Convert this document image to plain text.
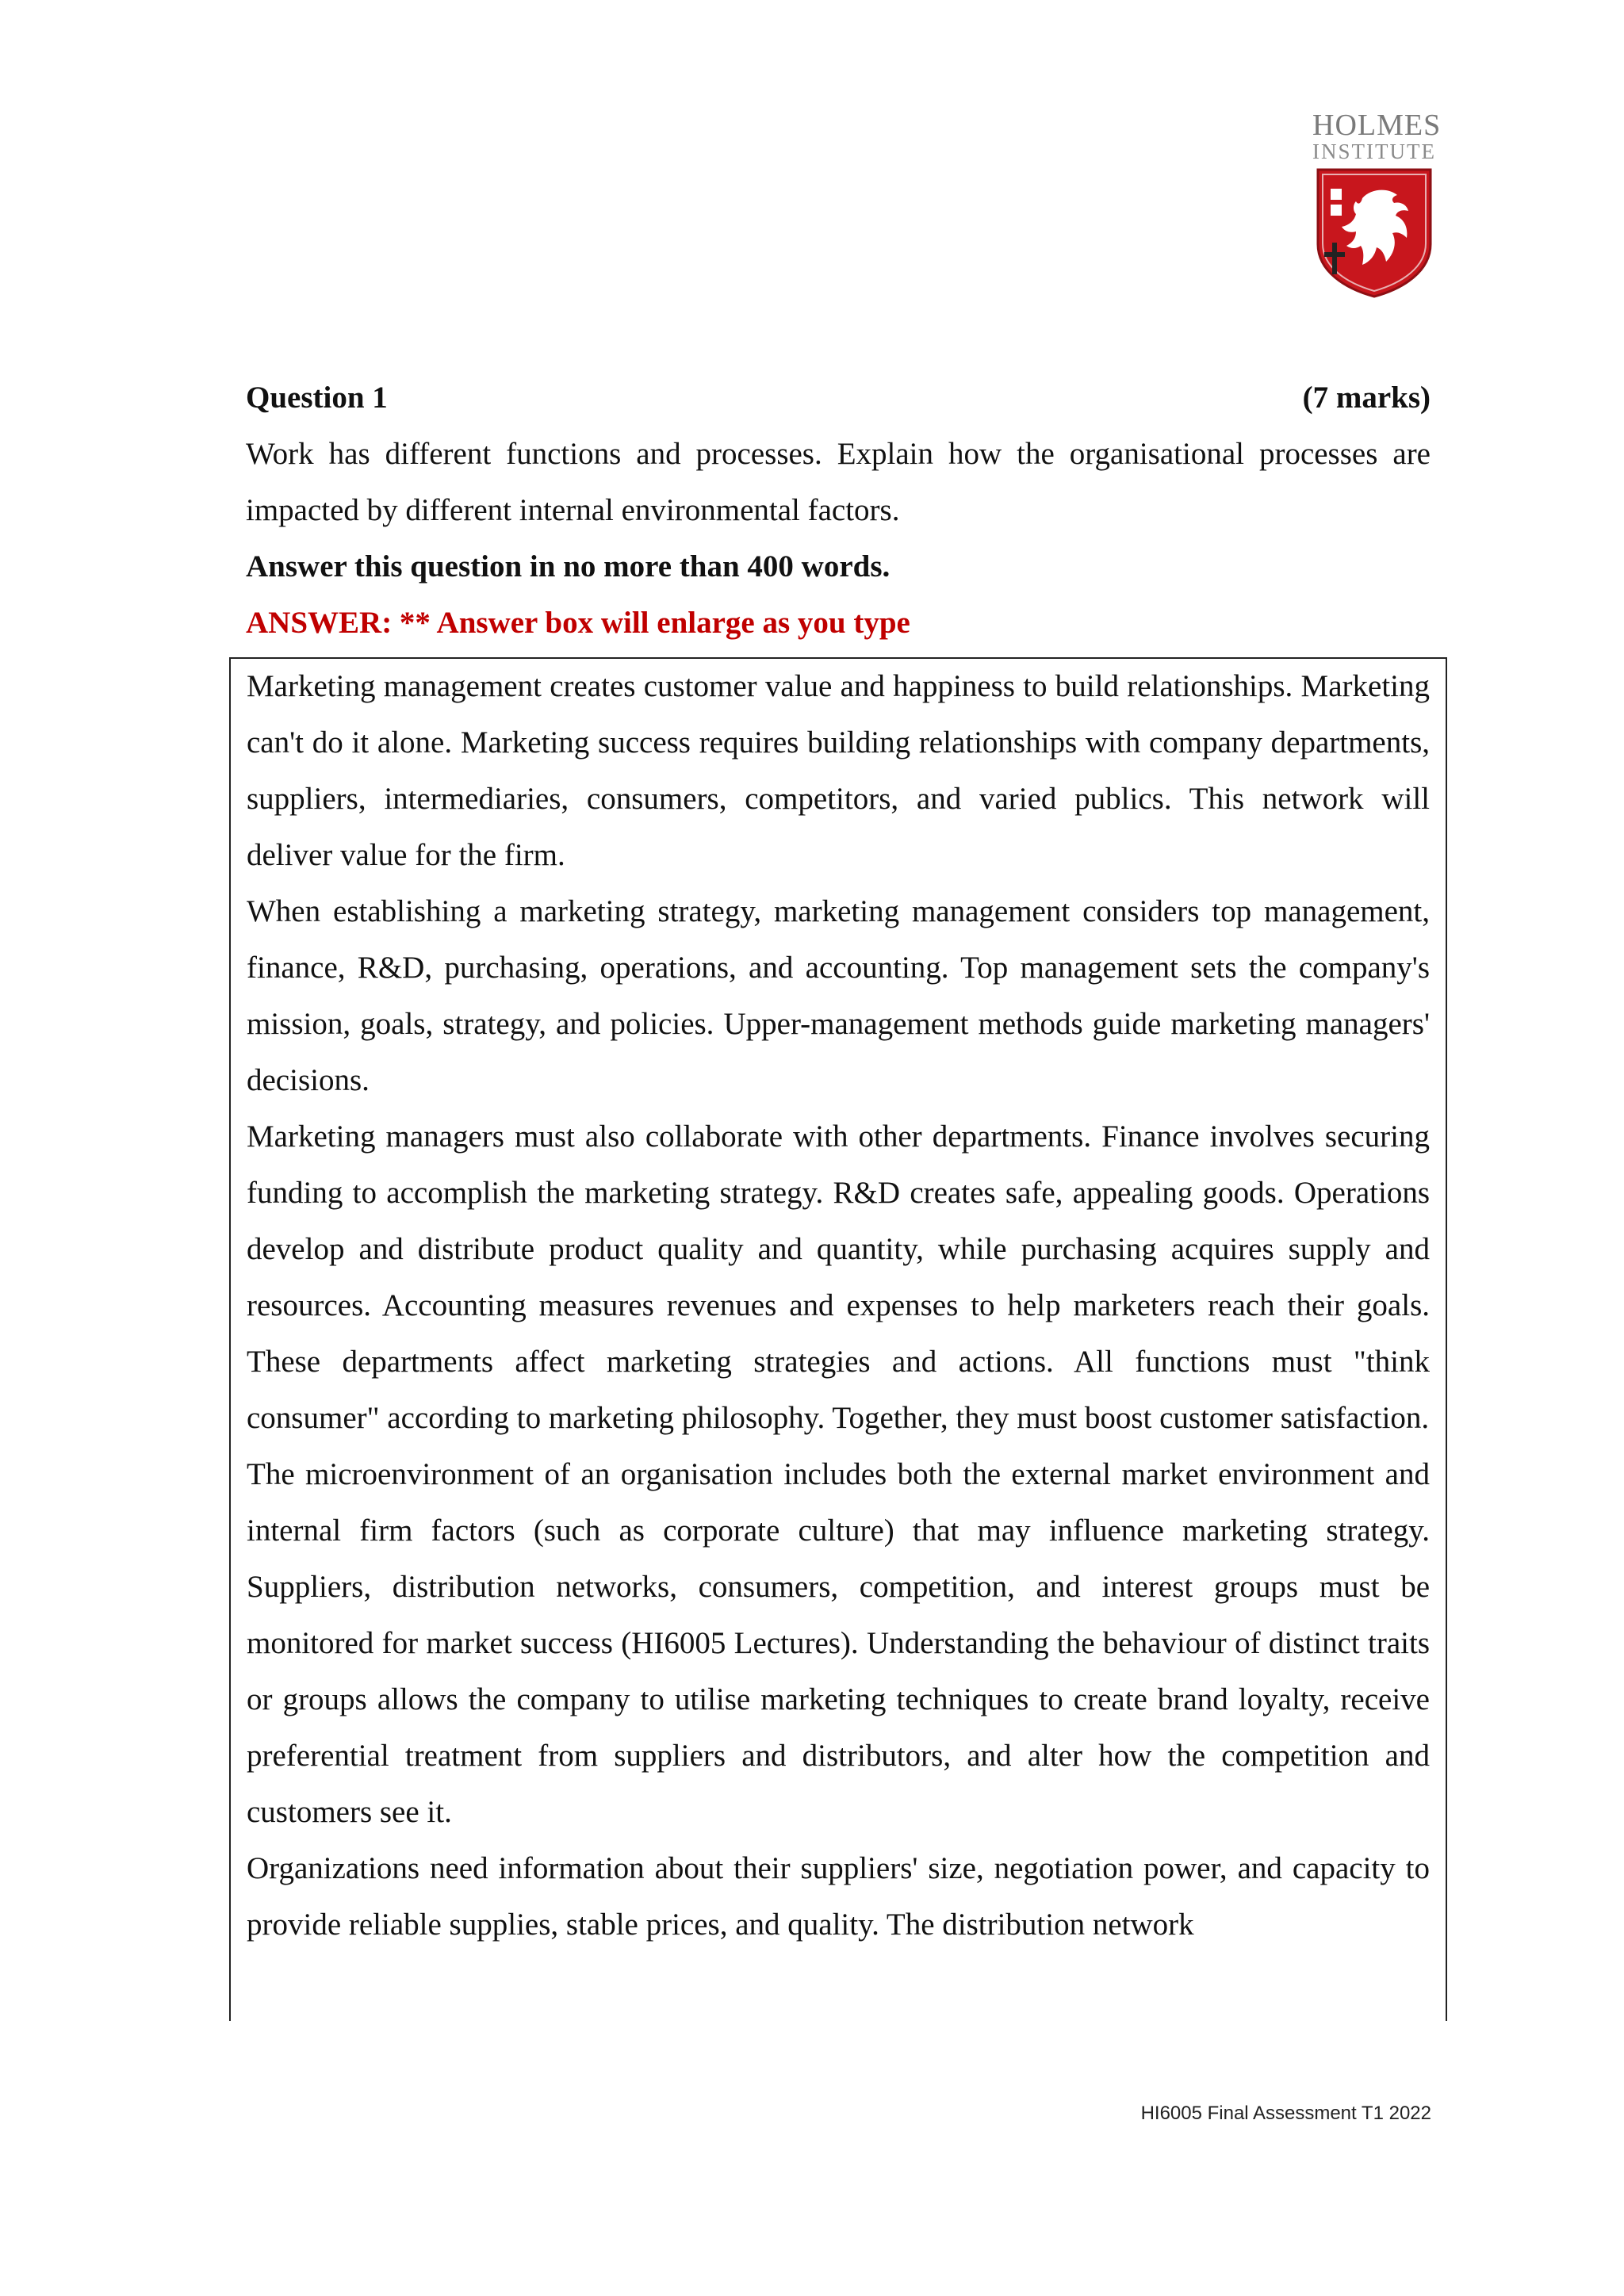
HOLMES
INSTITUTE
Question 1	(7 marks)
Work has different functions and processes. Explain how the organisational processes are impacted by different internal environmental factors.
Answer this question in no more than 400 words.
ANSWER: ** Answer box will enlarge as you type

Marketing management creates customer value and happiness to build relationships. Marketing can't do it alone. Marketing success requires building relationships with company departments, suppliers, intermediaries, consumers, competitors, and varied publics. This network will deliver value for the firm.

When establishing a marketing strategy, marketing management considers top management, finance, R&D, purchasing, operations, and accounting. Top management sets the company's mission, goals, strategy, and policies. Upper-management methods guide marketing managers' decisions.

Marketing managers must also collaborate with other departments. Finance involves securing funding to accomplish the marketing strategy. R&D creates safe, appealing goods. Operations develop and distribute product quality and quantity, while purchasing acquires supply and resources. Accounting measures revenues and expenses to help marketers reach their goals. These departments affect marketing strategies and actions. All functions must "think consumer" according to marketing philosophy. Together, they must boost customer satisfaction.

The microenvironment of an organisation includes both the external market environment and internal firm factors (such as corporate culture) that may influence marketing strategy. Suppliers, distribution networks, consumers, competition, and interest groups must be monitored for market success (HI6005 Lectures). Understanding the behaviour of distinct traits or groups allows the company to utilise marketing techniques to create brand loyalty, receive preferential treatment from suppliers and distributors, and alter how the competition and customers see it.

Organizations need information about their suppliers' size, negotiation power, and capacity to provide reliable supplies, stable prices, and quality. The distribution network

HI6005 Final Assessment T1 2022
